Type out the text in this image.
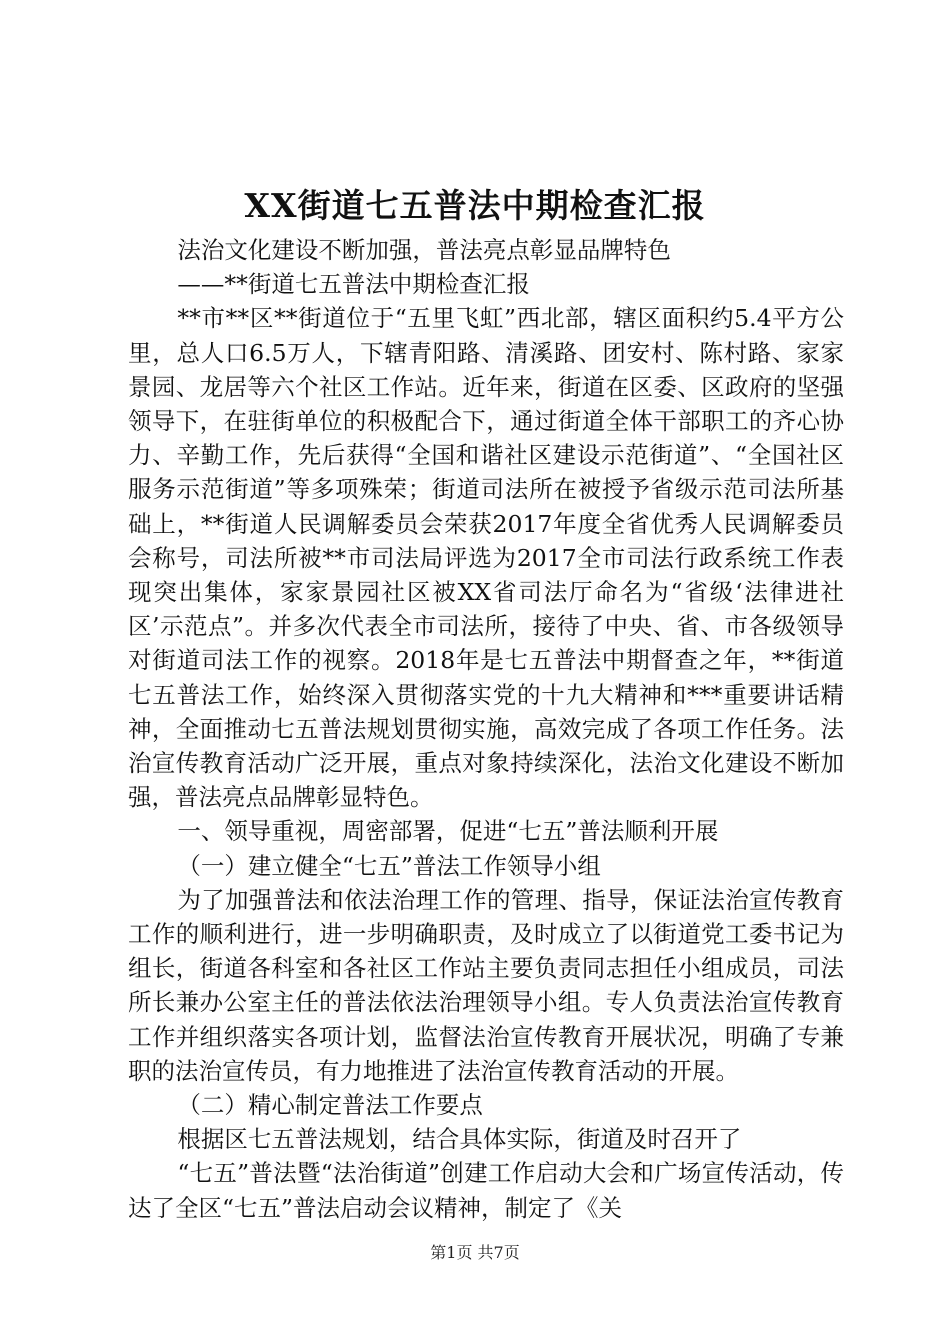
XX街道七五普法中期检查汇报

法治文化建设不断加强，普法亮点彰显品牌特色

——**街道七五普法中期检查汇报

**市**区**街道位于“五里飞虹”西北部，辖区面积约5.4平方公里，总人口6.5万人，下辖青阳路、清溪路、团安村、陈村路、家家景园、龙居等六个社区工作站。近年来，街道在区委、区政府的坚强领导下，在驻街单位的积极配合下，通过街道全体干部职工的齐心协力、辛勤工作，先后获得“全国和谐社区建设示范街道”、“全国社区服务示范街道”等多项殊荣；街道司法所在被授予省级示范司法所基础上，**街道人民调解委员会荣获2017年度全省优秀人民调解委员会称号，司法所被**市司法局评选为2017全市司法行政系统工作表现突出集体，家家景园社区被XX省司法厅命名为“省级‘法律进社区’示范点”。并多次代表全市司法所，接待了中央、省、市各级领导对街道司法工作的视察。2018年是七五普法中期督查之年，**街道七五普法工作，始终深入贯彻落实党的十九大精神和***重要讲话精神，全面推动七五普法规划贯彻实施，高效完成了各项工作任务。法治宣传教育活动广泛开展，重点对象持续深化，法治文化建设不断加强，普法亮点品牌彰显特色。

一、领导重视，周密部署，促进“七五”普法顺利开展

（一）建立健全“七五”普法工作领导小组

为了加强普法和依法治理工作的管理、指导，保证法治宣传教育工作的顺利进行，进一步明确职责，及时成立了以街道党工委书记为组长，街道各科室和各社区工作站主要负责同志担任小组成员，司法所长兼办公室主任的普法依法治理领导小组。专人负责法治宣传教育工作并组织落实各项计划，监督法治宣传教育开展状况，明确了专兼职的法治宣传员，有力地推进了法治宣传教育活动的开展。

（二）精心制定普法工作要点

根据区七五普法规划，结合具体实际，街道及时召开了

“七五”普法暨“法治街道”创建工作启动大会和广场宣传活动，传达了全区“七五”普法启动会议精神，制定了《关

第1页 共7页
